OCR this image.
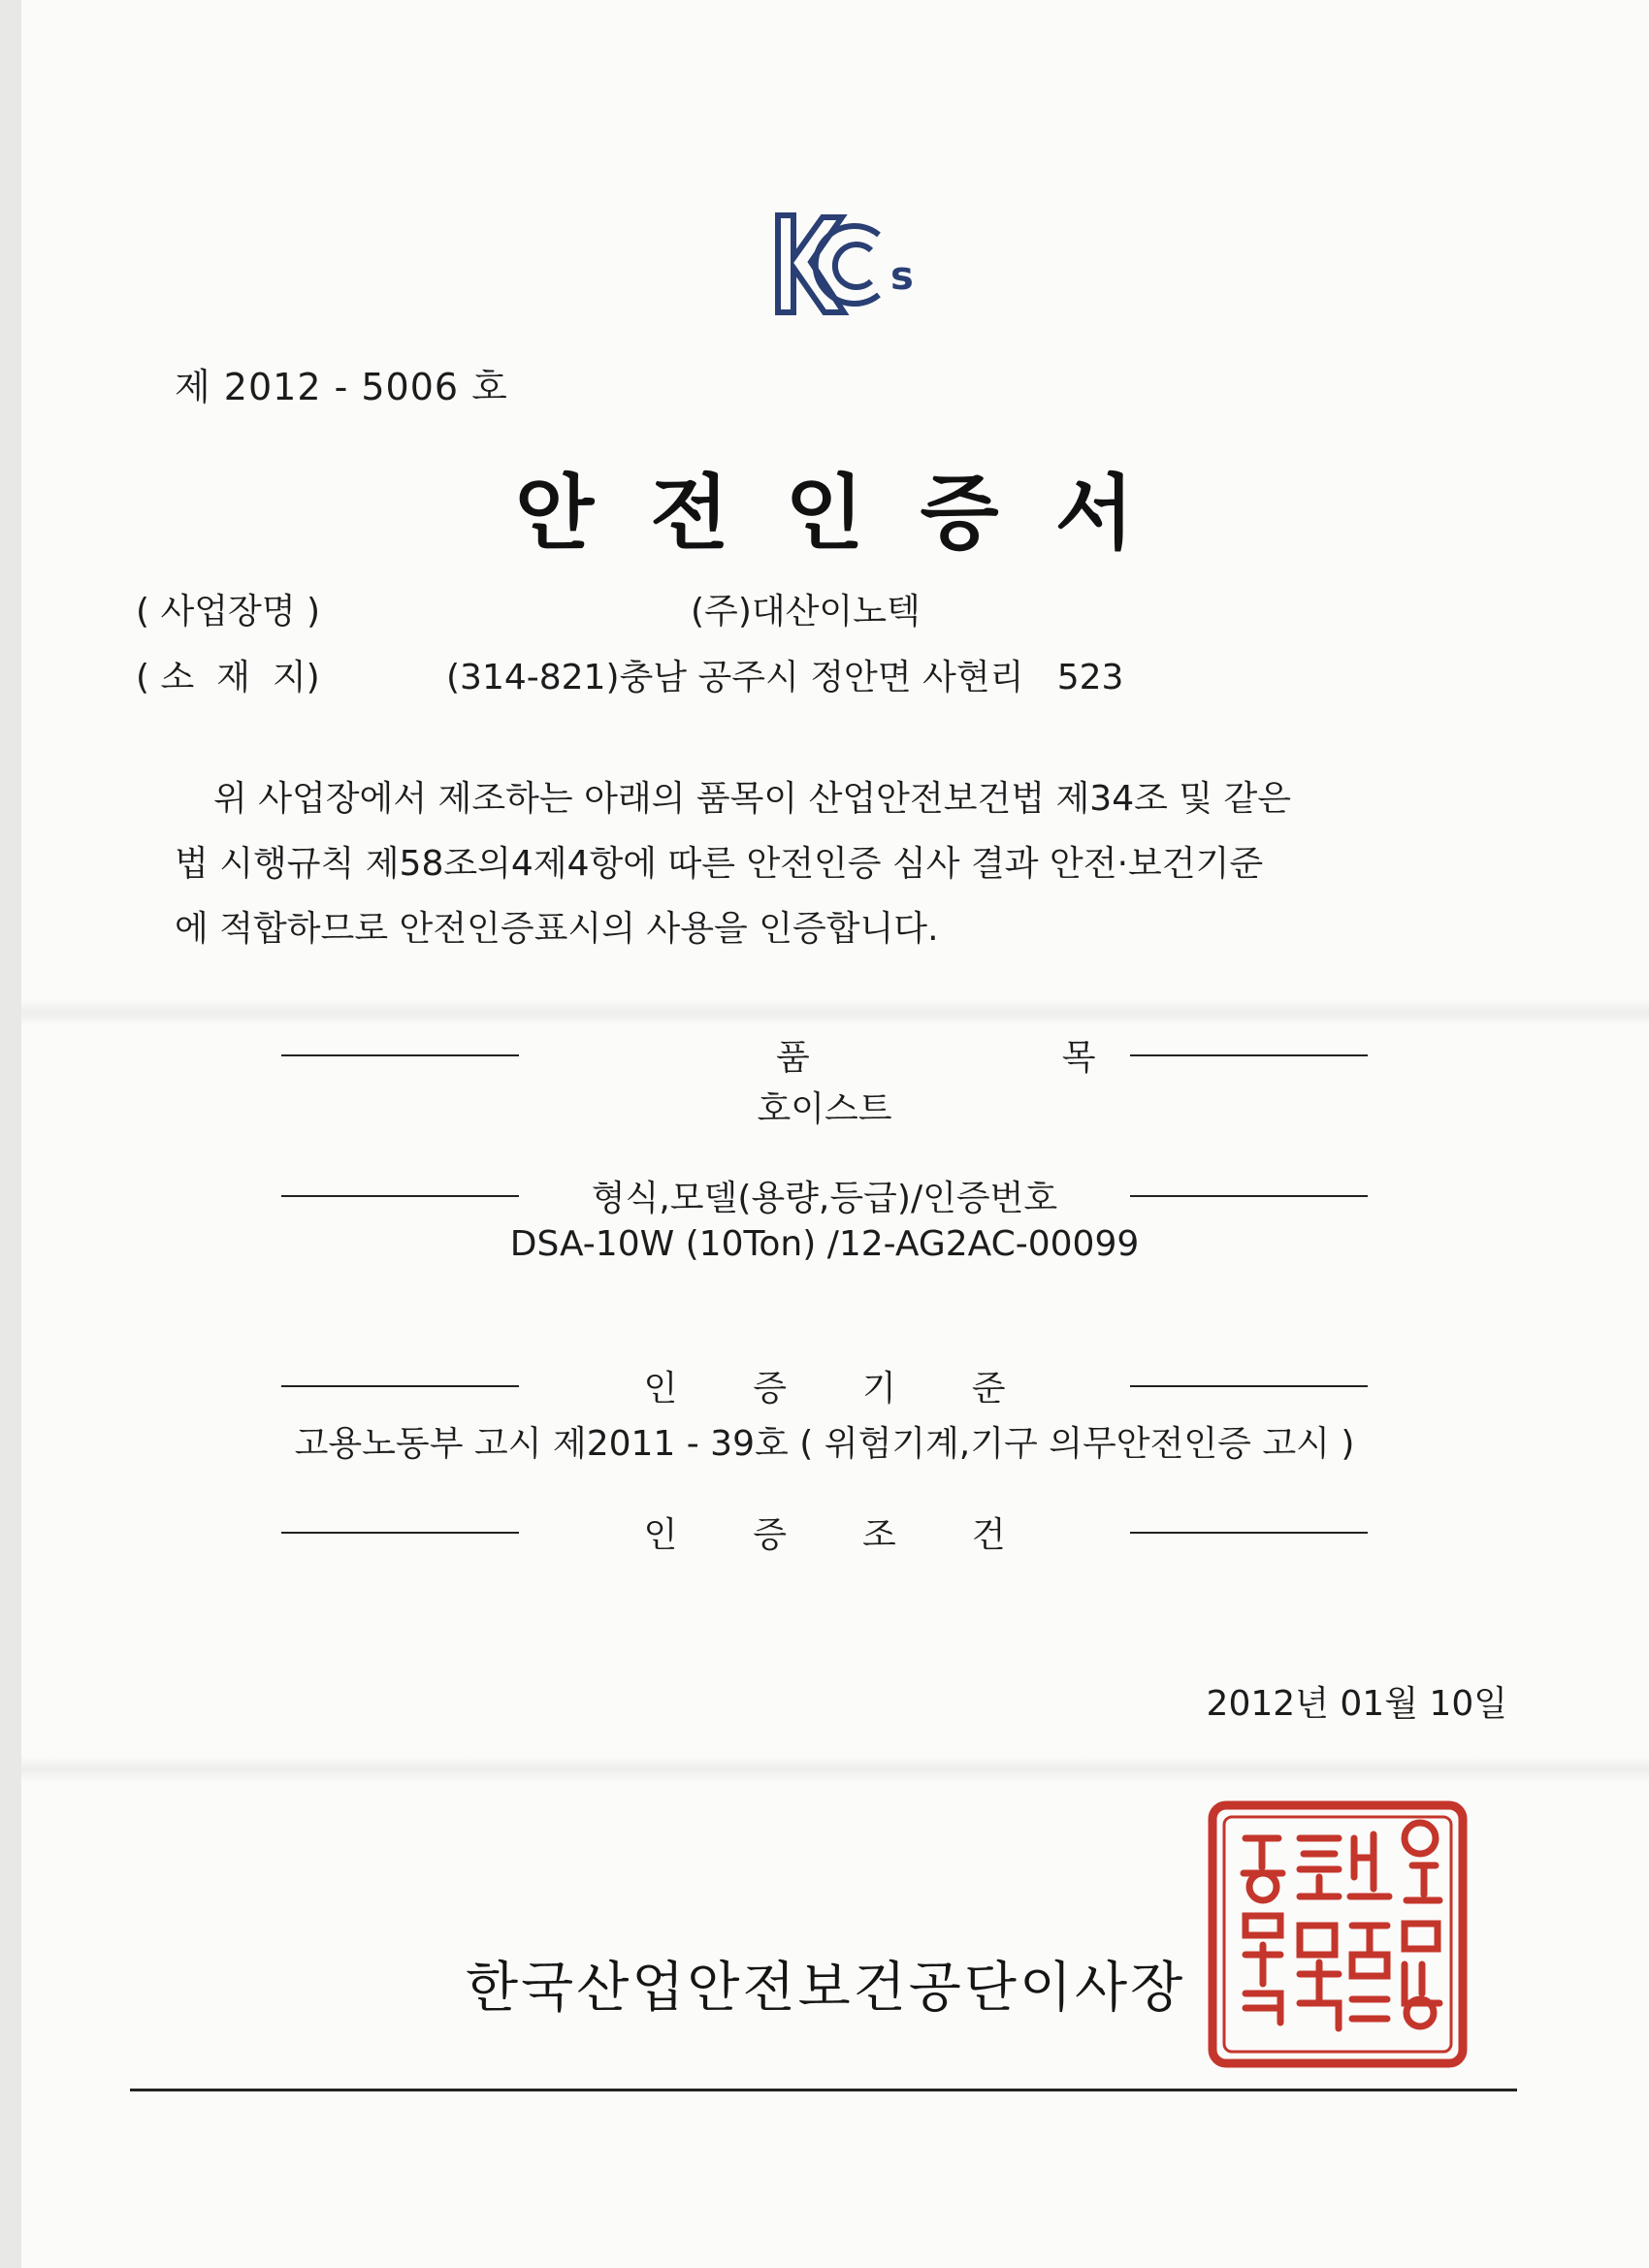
s
제 2012 - 5006 호
안전인증서
( 사업장명 )	(주)대산이노텍
( 소  재  지)	(314-821)충남 공주시 정안면 사현리   523

위 사업장에서 제조하는 아래의 품목이 산업안전보건법 제34조 및 같은

법 시행규칙 제58조의4제4항에 따른 안전인증 심사 결과 안전·보건기준

에 적합하므로 안전인증표시의 사용을 인증합니다.

품목
호이스트
형식,모델(용량,등급)/인증번호
DSA-10W (10Ton) /12-AG2AC-00099
인증기준
고용노동부 고시 제2011 - 39호 ( 위험기계,기구 의무안전인증 고시 )
인증조건
2012년 01월 10일
한국산업안전보건공단이사장
